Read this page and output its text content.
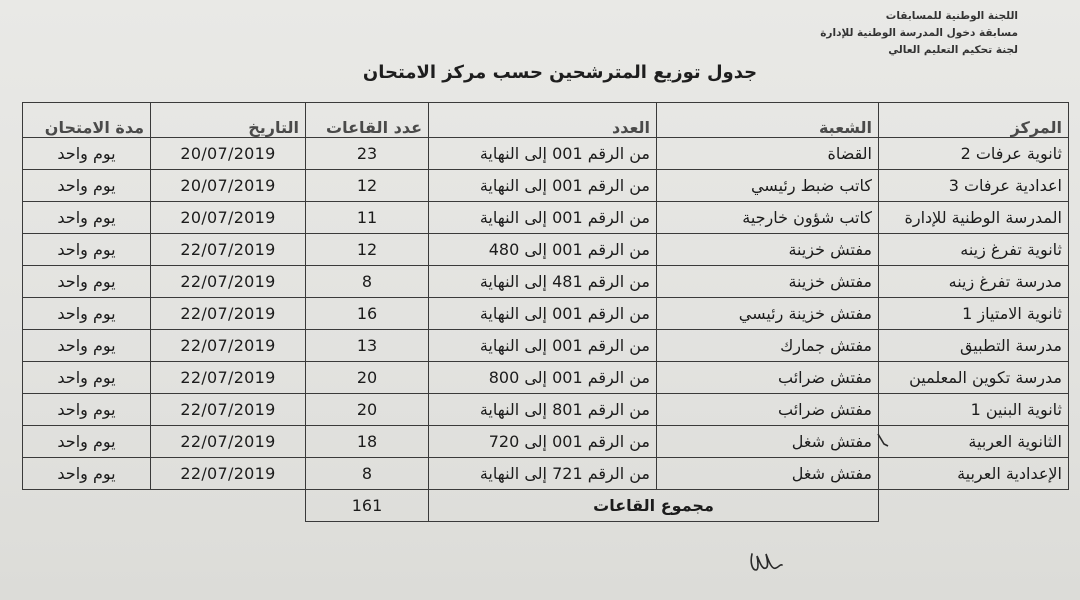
اللجنة الوطنية للمسابقات
مسابقة دخول المدرسة الوطنية للإدارة
لجنة تحكيم التعليم العالي
جدول توزيع المترشحين حسب مركز الامتحان
المركز	الشعبة	العدد	عدد القاعات	التاريخ	مدة الامتحان
ثانوية عرفات 2	القضاة	من الرقم 001 إلى النهاية	23	20/07/2019	يوم واحد
اعدادية عرفات 3	كاتب ضبط رئيسي	من الرقم 001 إلى النهاية	12	20/07/2019	يوم واحد
المدرسة الوطنية للإدارة	كاتب شؤون خارجية	من الرقم 001 إلى النهاية	11	20/07/2019	يوم واحد
ثانوية تفرغ زينه	مفتش خزينة	من الرقم 001 إلى 480	12	22/07/2019	يوم واحد
مدرسة تفرغ زينه	مفتش خزينة	من الرقم 481 إلى النهاية	8	22/07/2019	يوم واحد
ثانوية الامتياز 1	مفتش خزينة رئيسي	من الرقم 001 إلى النهاية	16	22/07/2019	يوم واحد
مدرسة التطبيق	مفتش جمارك	من الرقم 001 إلى النهاية	13	22/07/2019	يوم واحد
مدرسة تكوين المعلمين	مفتش ضرائب	من الرقم 001 إلى 800	20	22/07/2019	يوم واحد
ثانوية البنين 1	مفتش ضرائب	من الرقم 801 إلى النهاية	20	22/07/2019	يوم واحد
الثانوية العربية	مفتش شغل	من الرقم 001 إلى 720	18	22/07/2019	يوم واحد
الإعدادية العربية	مفتش شغل	من الرقم 721 إلى النهاية	8	22/07/2019	يوم واحد
	مجموع القاعات		161		
